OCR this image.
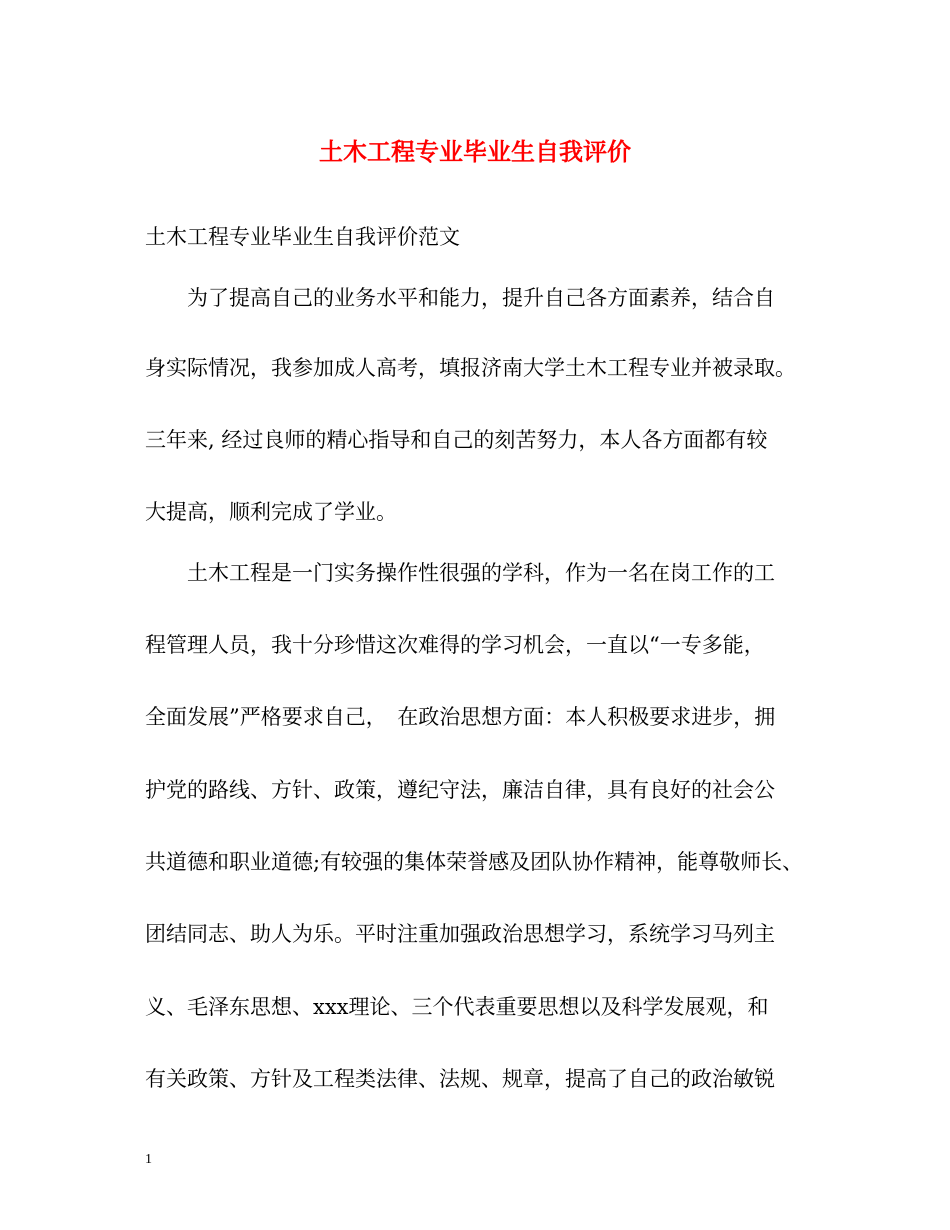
土木工程专业毕业生自我评价
土木工程专业毕业生自我评价范文
为了提高自己的业务水平和能力，提升自己各方面素养，结合自
身实际情况，我参加成人高考，填报济南大学土木工程专业并被录取。
三年来, 经过良师的精心指导和自己的刻苦努力，本人各方面都有较
大提高，顺利完成了学业。
土木工程是一门实务操作性很强的学科，作为一名在岗工作的工
程管理人员，我十分珍惜这次难得的学习机会，一直以“一专多能，
全面发展”严格要求自己，　在政治思想方面：本人积极要求进步，拥
护党的路线、方针、政策，遵纪守法，廉洁自律，具有良好的社会公
共道德和职业道德;有较强的集体荣誉感及团队协作精神，能尊敬师长、
团结同志、助人为乐。平时注重加强政治思想学习，系统学习马列主
义、毛泽东思想、xxx理论、三个代表重要思想以及科学发展观，和
有关政策、方针及工程类法律、法规、规章，提高了自己的政治敏锐
1
